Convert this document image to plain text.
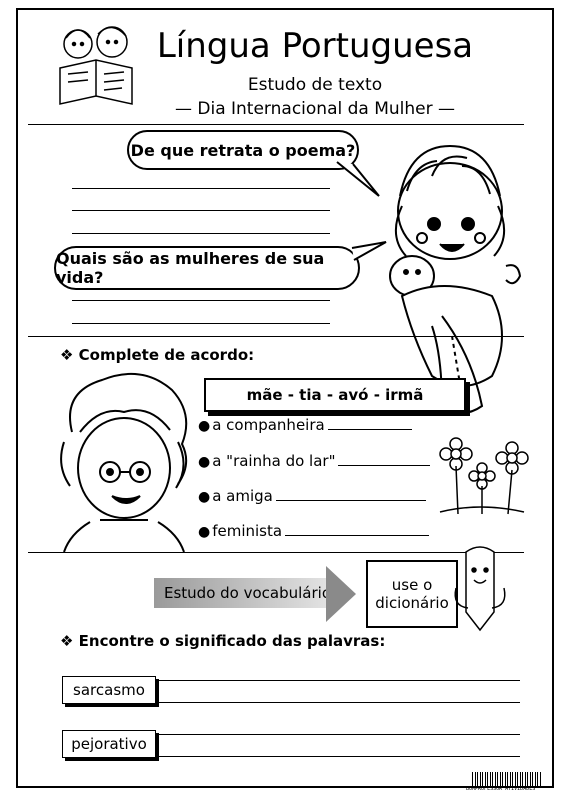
Língua Portuguesa
Estudo de texto
— Dia Internacional da Mulher —
De que retrata o poema?
Quais são as mulheres de sua vida?
❖ Complete de acordo:
mãe - tia - avó - irmã
● a companheira
● a "rainha do lar"
● a amiga
● feminista
Estudo do vocabulário	use o
dicionário
❖ Encontre o significado das palavras:
sarcasmo
pejorativo
BOMPROFESSOR ATIVIDADES
